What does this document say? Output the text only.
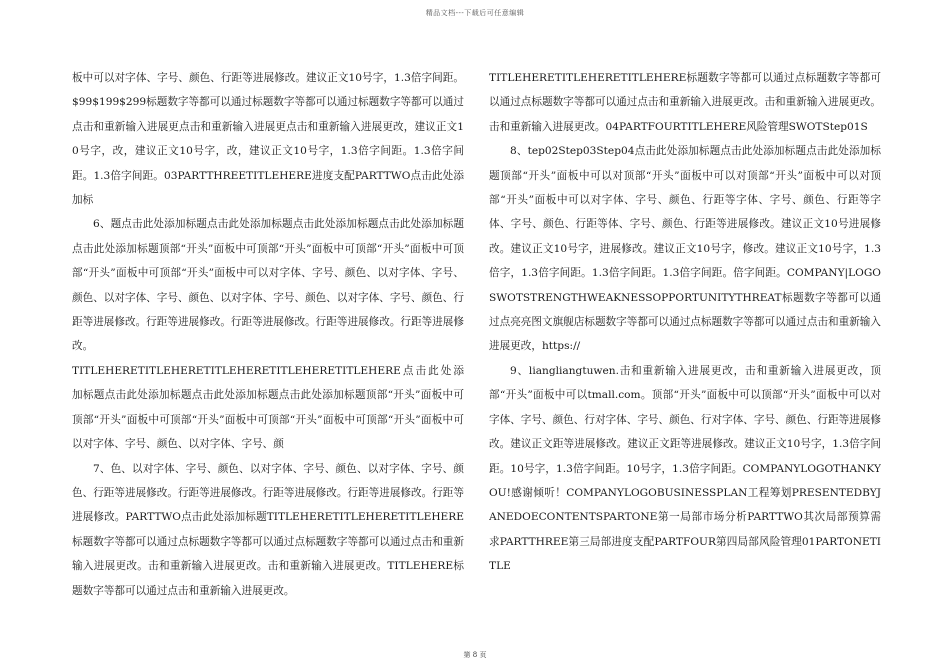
精品文档---下载后可任意编辑

板中可以对字体、字号、颜色、行距等进展修改。建议正文10号字，1.3倍字间距。$99$199$299标题数字等都可以通过标题数字等都可以通过标题数字等都可以通过点击和重新输入进展更点击和重新输入进展更点击和重新输入进展更改，建议正文10号字，改，建议正文10号字，改，建议正文10号字，1.3倍字间距。1.3倍字间距。1.3倍字间距。03PARTTHREETITLEHERE进度支配PARTTWO点击此处添加标

6、题点击此处添加标题点击此处添加标题点击此处添加标题点击此处添加标题点击此处添加标题顶部“开头”面板中可顶部“开头”面板中可顶部“开头”面板中可顶部“开头”面板中可顶部“开头”面板中可以对字体、字号、颜色、以对字体、字号、颜色、以对字体、字号、颜色、以对字体、字号、颜色、以对字体、字号、颜色、行距等进展修改。行距等进展修改。行距等进展修改。行距等进展修改。行距等进展修改。

TITLEHERETITLEHERETITLEHERETITLEHERETITLEHERE点击此处添加标题点击此处添加标题点击此处添加标题点击此处添加标题顶部“开头”面板中可顶部“开头”面板中可顶部“开头”面板中可顶部“开头”面板中可顶部“开头”面板中可以对字体、字号、颜色、以对字体、字号、颜

7、色、以对字体、字号、颜色、以对字体、字号、颜色、以对字体、字号、颜色、行距等进展修改。行距等进展修改。行距等进展修改。行距等进展修改。行距等进展修改。PARTTWO点击此处添加标题TITLEHERETITLEHERETITLEHERE标题数字等都可以通过点标题数字等都可以通过点标题数字等都可以通过点击和重新输入进展更改。击和重新输入进展更改。击和重新输入进展更改。TITLEHERE标题数字等都可以通过点击和重新输入进展更改。

TITLEHERETITLEHERETITLEHERE标题数字等都可以通过点标题数字等都可以通过点标题数字等都可以通过点击和重新输入进展更改。击和重新输入进展更改。击和重新输入进展更改。04PARTFOURTITLEHERE风险管理SWOTStep01S

8、tep02Step03Step04点击此处添加标题点击此处添加标题点击此处添加标题顶部“开头”面板中可以对顶部“开头”面板中可以对顶部“开头”面板中可以对顶部“开头”面板中可以对字体、字号、颜色、行距等字体、字号、颜色、行距等字体、字号、颜色、行距等体、字号、颜色、行距等进展修改。建议正文10号进展修改。建议正文10号字，进展修改。建议正文10号字，修改。建议正文10号字，1.3倍字，1.3倍字间距。1.3倍字间距。1.3倍字间距。倍字间距。COMPANY|LOGOSWOTSTRENGTHWEAKNESSOPPORTUNITYTHREAT标题数字等都可以通过点亮亮图文旗舰店标题数字等都可以通过点标题数字等都可以通过点击和重新输入进展更改，https://

9、liangliangtuwen.击和重新输入进展更改，击和重新输入进展更改，顶部“开头”面板中可以tmall.com。顶部“开头”面板中可以顶部“开头”面板中可以对字体、字号、颜色、行对字体、字号、颜色、行对字体、字号、颜色、行距等进展修改。建议正文距等进展修改。建议正文距等进展修改。建议正文10号字，1.3倍字间距。10号字，1.3倍字间距。10号字，1.3倍字间距。COMPANYLOGOTHANKYOU!感谢倾听！COMPANYLOGOBUSINESSPLAN工程筹划PRESENTEDBYJANEDOECONTENTSPARTONE第一局部市场分析PARTTWO其次局部预算需求PARTTHREE第三局部进度支配PARTFOUR第四局部风险管理01PARTONETITLE

第 8 页
